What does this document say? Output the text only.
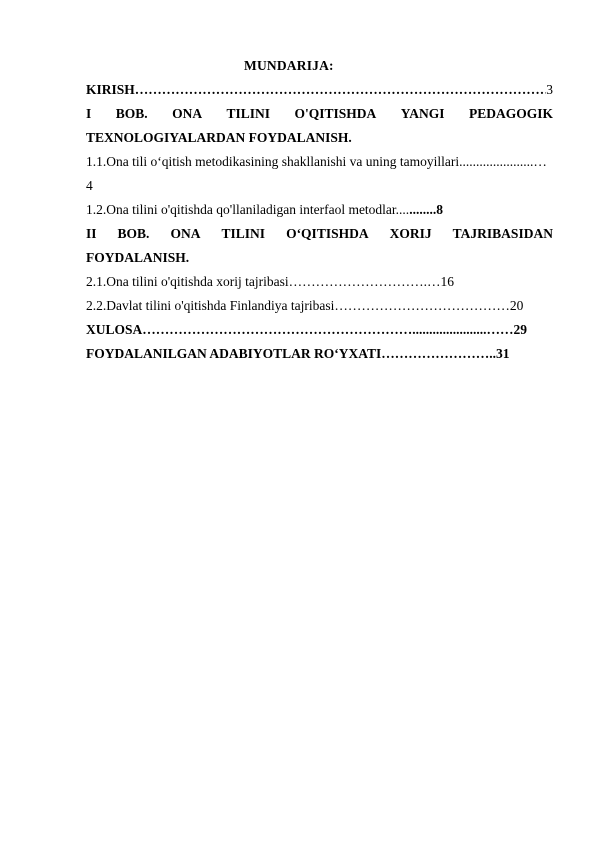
MUNDARIJA:
KIRISH …………………………………………………………………………………………………………………………………………	3
I BOB. ONA TILINI O'QITISHDA YANGI PEDAGOGIK
TEXNOLOGIYALARDAN FOYDALANISH.
1.1.Ona tili o‘qitish metodikasining shakllanishi va uning tamoyillari......................…
4
1.2.Ona tilini o'qitishda qo'llaniladigan interfaol metodlar............8
II BOB. ONA TILINI O‘QITISHDA XORIJ TAJRIBASIDAN
FOYDALANISH.
2.1.Ona tilini o'qitishda xorij tajribasi………………………….…16
2.2.Davlat tilini o'qitishda Finlandiya tajribasi…………………………………20
XULOSA……………………………………………………......................……29
FOYDALANILGAN ADABIYOTLAR RO‘YXATI……………………..31
